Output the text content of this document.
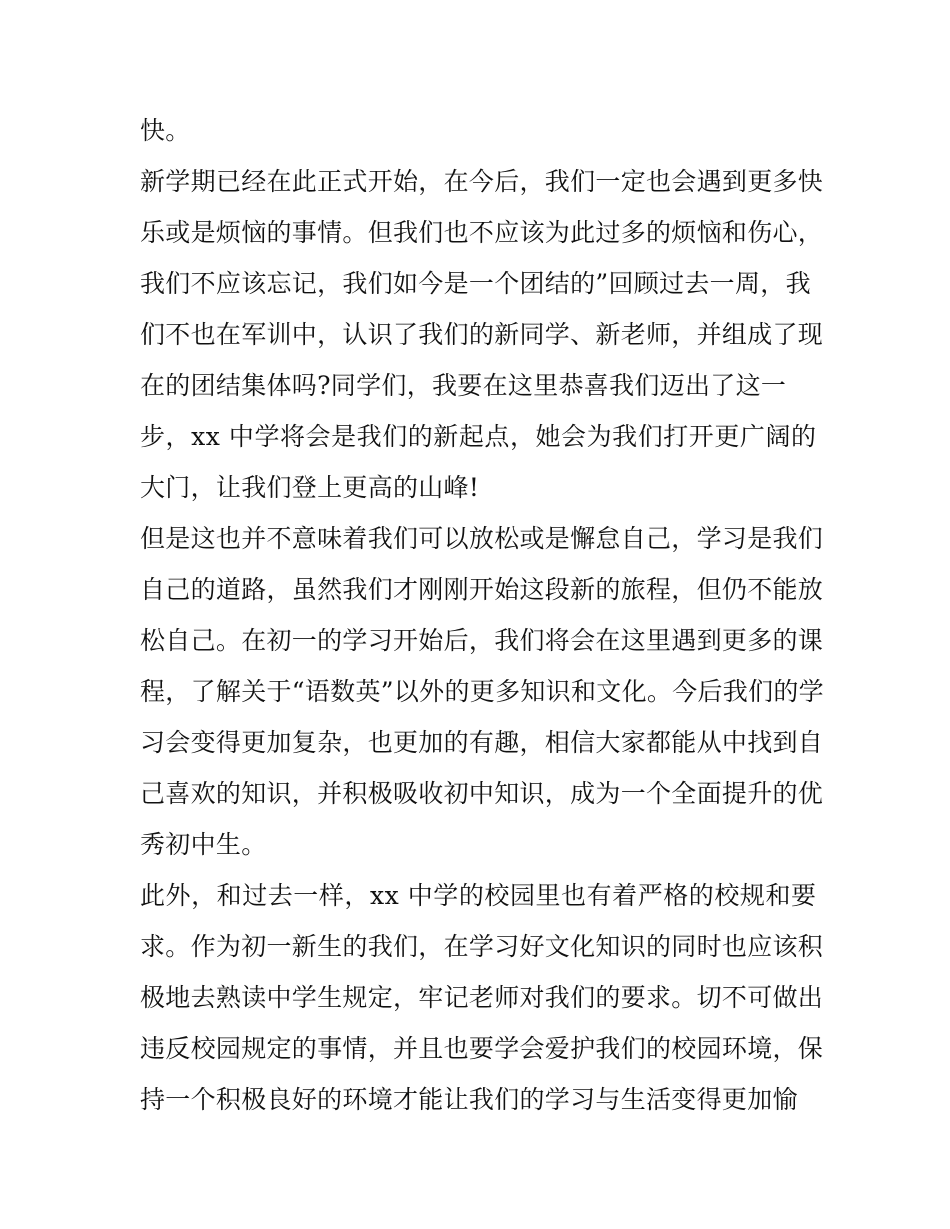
快。
新学期已经在此正式开始，在今后，我们一定也会遇到更多快
乐或是烦恼的事情。但我们也不应该为此过多的烦恼和伤心，
我们不应该忘记，我们如今是一个团结的”回顾过去一周，我
们不也在军训中，认识了我们的新同学、新老师，并组成了现
在的团结集体吗?同学们，我要在这里恭喜我们迈出了这一
步，xx 中学将会是我们的新起点，她会为我们打开更广阔的
大门，让我们登上更高的山峰!
但是这也并不意味着我们可以放松或是懈怠自己，学习是我们
自己的道路，虽然我们才刚刚开始这段新的旅程，但仍不能放
松自己。在初一的学习开始后，我们将会在这里遇到更多的课
程，了解关于“语数英”以外的更多知识和文化。今后我们的学
习会变得更加复杂，也更加的有趣，相信大家都能从中找到自
己喜欢的知识，并积极吸收初中知识，成为一个全面提升的优
秀初中生。
此外，和过去一样，xx 中学的校园里也有着严格的校规和要
求。作为初一新生的我们，在学习好文化知识的同时也应该积
极地去熟读中学生规定，牢记老师对我们的要求。切不可做出
违反校园规定的事情，并且也要学会爱护我们的校园环境，保
持一个积极良好的环境才能让我们的学习与生活变得更加愉
